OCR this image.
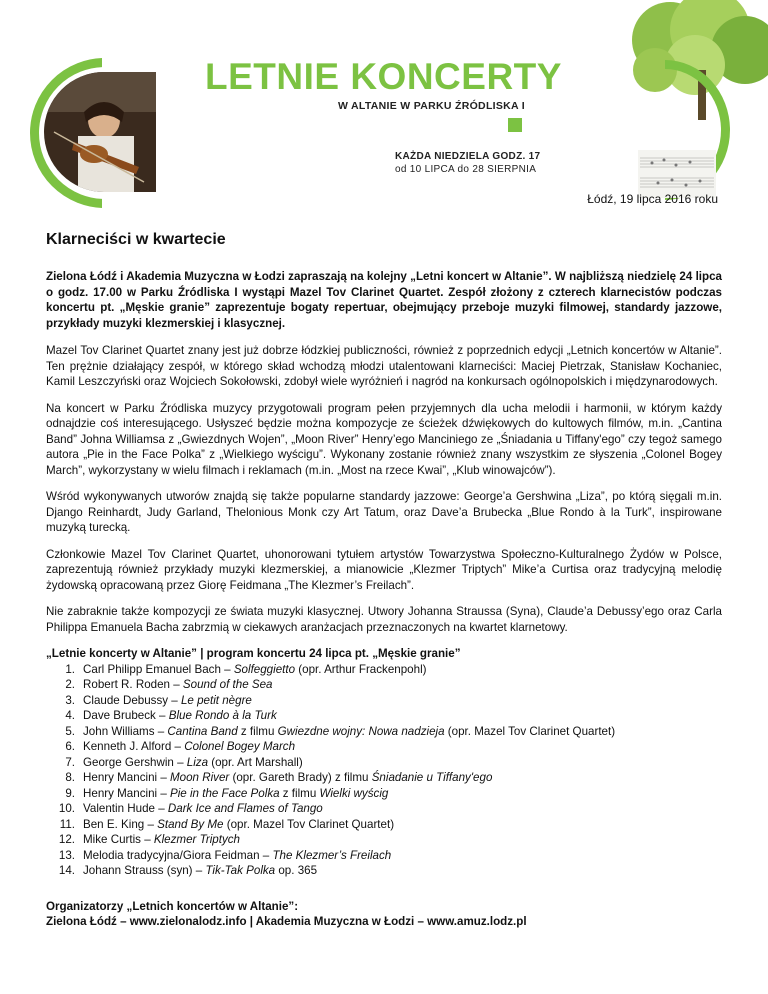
LETNIE KONCERTY
W ALTANIE W PARKU ŹRÓDLISKA I
KAŻDA NIEDZIELA GODZ. 17
od 10 LIPCA do 28 SIERPNIA
Łódź, 19 lipca 2016 roku
Klarneciści w kwartecie

Zielona Łódź i Akademia Muzyczna w Łodzi zapraszają na kolejny „Letni koncert w Altanie”. W najbliższą niedzielę 24 lipca o godz. 17.00 w Parku Źródliska I wystąpi Mazel Tov Clarinet Quartet. Zespół złożony z czterech klarnecistów podczas koncertu pt. „Męskie granie” zaprezentuje bogaty repertuar, obejmujący przeboje muzyki filmowej, standardy jazzowe, przykłady muzyki klezmerskiej i klasycznej.

Mazel Tov Clarinet Quartet znany jest już dobrze łódzkiej publiczności, również z poprzednich edycji „Letnich koncertów w Altanie”. Ten prężnie działający zespół, w którego skład wchodzą młodzi utalentowani klarneciści: Maciej Pietrzak, Stanisław Kochaniec, Kamil Leszczyński oraz Wojciech Sokołowski, zdobył wiele wyróżnień i nagród na konkursach ogólnopolskich i międzynarodowych.

Na koncert w Parku Źródliska muzycy przygotowali program pełen przyjemnych dla ucha melodii i harmonii, w którym każdy odnajdzie coś interesującego. Usłyszeć będzie można kompozycje ze ścieżek dźwiękowych do kultowych filmów, m.in. „Cantina Band” Johna Williamsa z „Gwiezdnych Wojen”, „Moon River” Henry’ego Manciniego ze „Śniadania u Tiffany'ego” czy tegoż samego autora „Pie in the Face Polka” z „Wielkiego wyścigu”. Wykonany zostanie również znany wszystkim ze słyszenia „Colonel Bogey March”, wykorzystany w wielu filmach i reklamach (m.in. „Most na rzece Kwai”, „Klub winowajców”).

Wśród wykonywanych utworów znajdą się także popularne standardy jazzowe: George’a Gershwina „Liza”, po którą sięgali m.in. Django Reinhardt, Judy Garland, Thelonious Monk czy Art Tatum, oraz Dave’a Brubecka „Blue Rondo à la Turk”, inspirowane muzyką turecką.

Członkowie Mazel Tov Clarinet Quartet, uhonorowani tytułem artystów Towarzystwa Społeczno-Kulturalnego Żydów w Polsce, zaprezentują również przykłady muzyki klezmerskiej, a mianowicie „Klezmer Triptych” Mike’a Curtisa oraz tradycyjną melodię żydowską opracowaną przez Giorę Feidmana „The Klezmer’s Freilach”.

Nie zabraknie także kompozycji ze świata muzyki klasycznej. Utwory Johanna Straussa (Syna), Claude’a Debussy’ego oraz Carla Philippa Emanuela Bacha zabrzmią w ciekawych aranżacjach przeznaczonych na kwartet klarnetowy.

„Letnie koncerty w Altanie” | program koncertu 24 lipca pt. „Męskie granie”
1. Carl Philipp Emanuel Bach – Solfeggietto (opr. Arthur Frackenpohl)
2. Robert R. Roden – Sound of the Sea
3. Claude Debussy – Le petit nègre
4. Dave Brubeck – Blue Rondo à la Turk
5. John Williams – Cantina Band z filmu Gwiezdne wojny: Nowa nadzieja (opr. Mazel Tov Clarinet Quartet)
6. Kenneth J. Alford – Colonel Bogey March
7. George Gershwin – Liza (opr. Art Marshall)
8. Henry Mancini – Moon River (opr. Gareth Brady) z filmu Śniadanie u Tiffany'ego
9. Henry Mancini – Pie in the Face Polka z filmu Wielki wyścig
10. Valentin Hude – Dark Ice and Flames of Tango
11. Ben E. King – Stand By Me (opr. Mazel Tov Clarinet Quartet)
12. Mike Curtis – Klezmer Triptych
13. Melodia tradycyjna/Giora Feidman – The Klezmer’s Freilach
14. Johann Strauss (syn) – Tik-Tak Polka op. 365
Organizatorzy „Letnich koncertów w Altanie”:
Zielona Łódź – www.zielonalodz.info | Akademia Muzyczna w Łodzi – www.amuz.lodz.pl
